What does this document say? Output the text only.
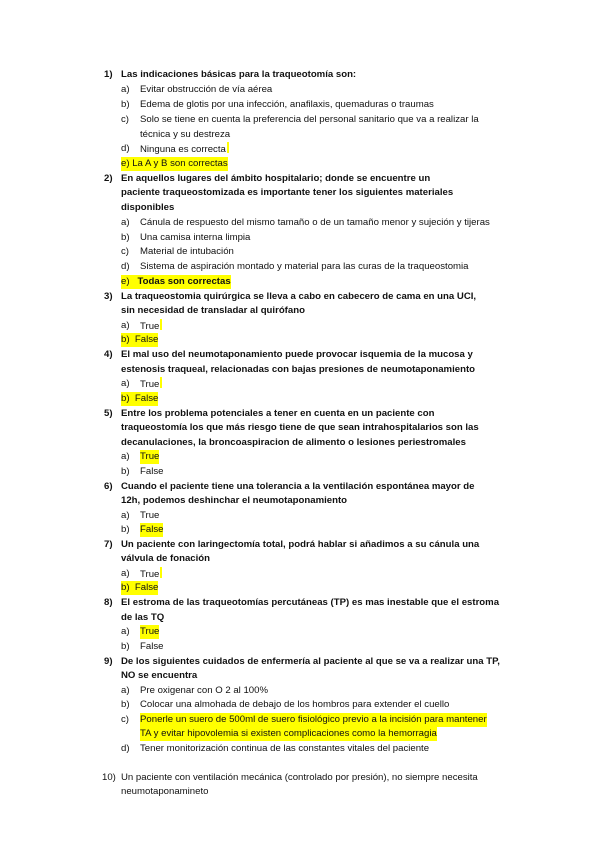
1) Las indicaciones básicas para la traqueotomía son:
a) Evitar obstrucción de vía aérea
b) Edema de glotis por una infección, anafilaxis, quemaduras o traumas
c) Solo se tiene en cuenta la preferencia del personal sanitario que va a realizar la
técnica y su destreza
d) Ninguna es correcta
e) La A y B son correctas
2) En aquellos lugares del ámbito hospitalario; donde se encuentre un
paciente traqueostomizada es importante tener los siguientes materiales
disponibles
a) Cánula de respuesto del mismo tamaño o de un tamaño menor y sujeción y tijeras
b) Una camisa interna limpia
c) Material de intubación
d) Sistema de aspiración montado y material para las curas de la traqueostomia
e) Todas son correctas
3) La traqueostomia quirúrgica se lleva a cabo en cabecero de cama en una UCI,
sin necesidad de transladar al quirófano
a) True
b) False
4) El mal uso del neumotaponamiento puede provocar isquemia de la mucosa y
estenosis traqueal, relacionadas con bajas presiones de neumotaponamiento
a) True
b) False
5) Entre los problema potenciales a tener en cuenta en un paciente con
traqueostomía los que más riesgo tiene de que sean intrahospitalarios son las
decanulaciones, la broncoaspiracion de alimento o lesiones periestromales
a) True
b) False
6) Cuando el paciente tiene una tolerancia a la ventilación espontánea mayor de
12h, podemos deshinchar el neumotaponamiento
a) True
b) False
7) Un paciente con laringectomía total, podrá hablar si añadimos a su cánula una
válvula de fonación
a) True
b) False
8) El estroma de las traqueotomías percutáneas (TP) es mas inestable que el estroma
de las TQ
a) True
b) False
9) De los siguientes cuidados de enfermería al paciente al que se va a realizar una TP,
NO se encuentra
a) Pre oxigenar con O 2 al 100%
b) Colocar una almohada de debajo de los hombros para extender el cuello
c) Ponerle un suero de 500ml de suero fisiológico previo a la incisión para mantener
TA y evitar hipovolemia si existen complicaciones como la hemorragia
d) Tener monitorización continua de las constantes vitales del paciente
10) Un paciente con ventilación mecánica (controlado por presión), no siempre necesita
neumotaponamineto
